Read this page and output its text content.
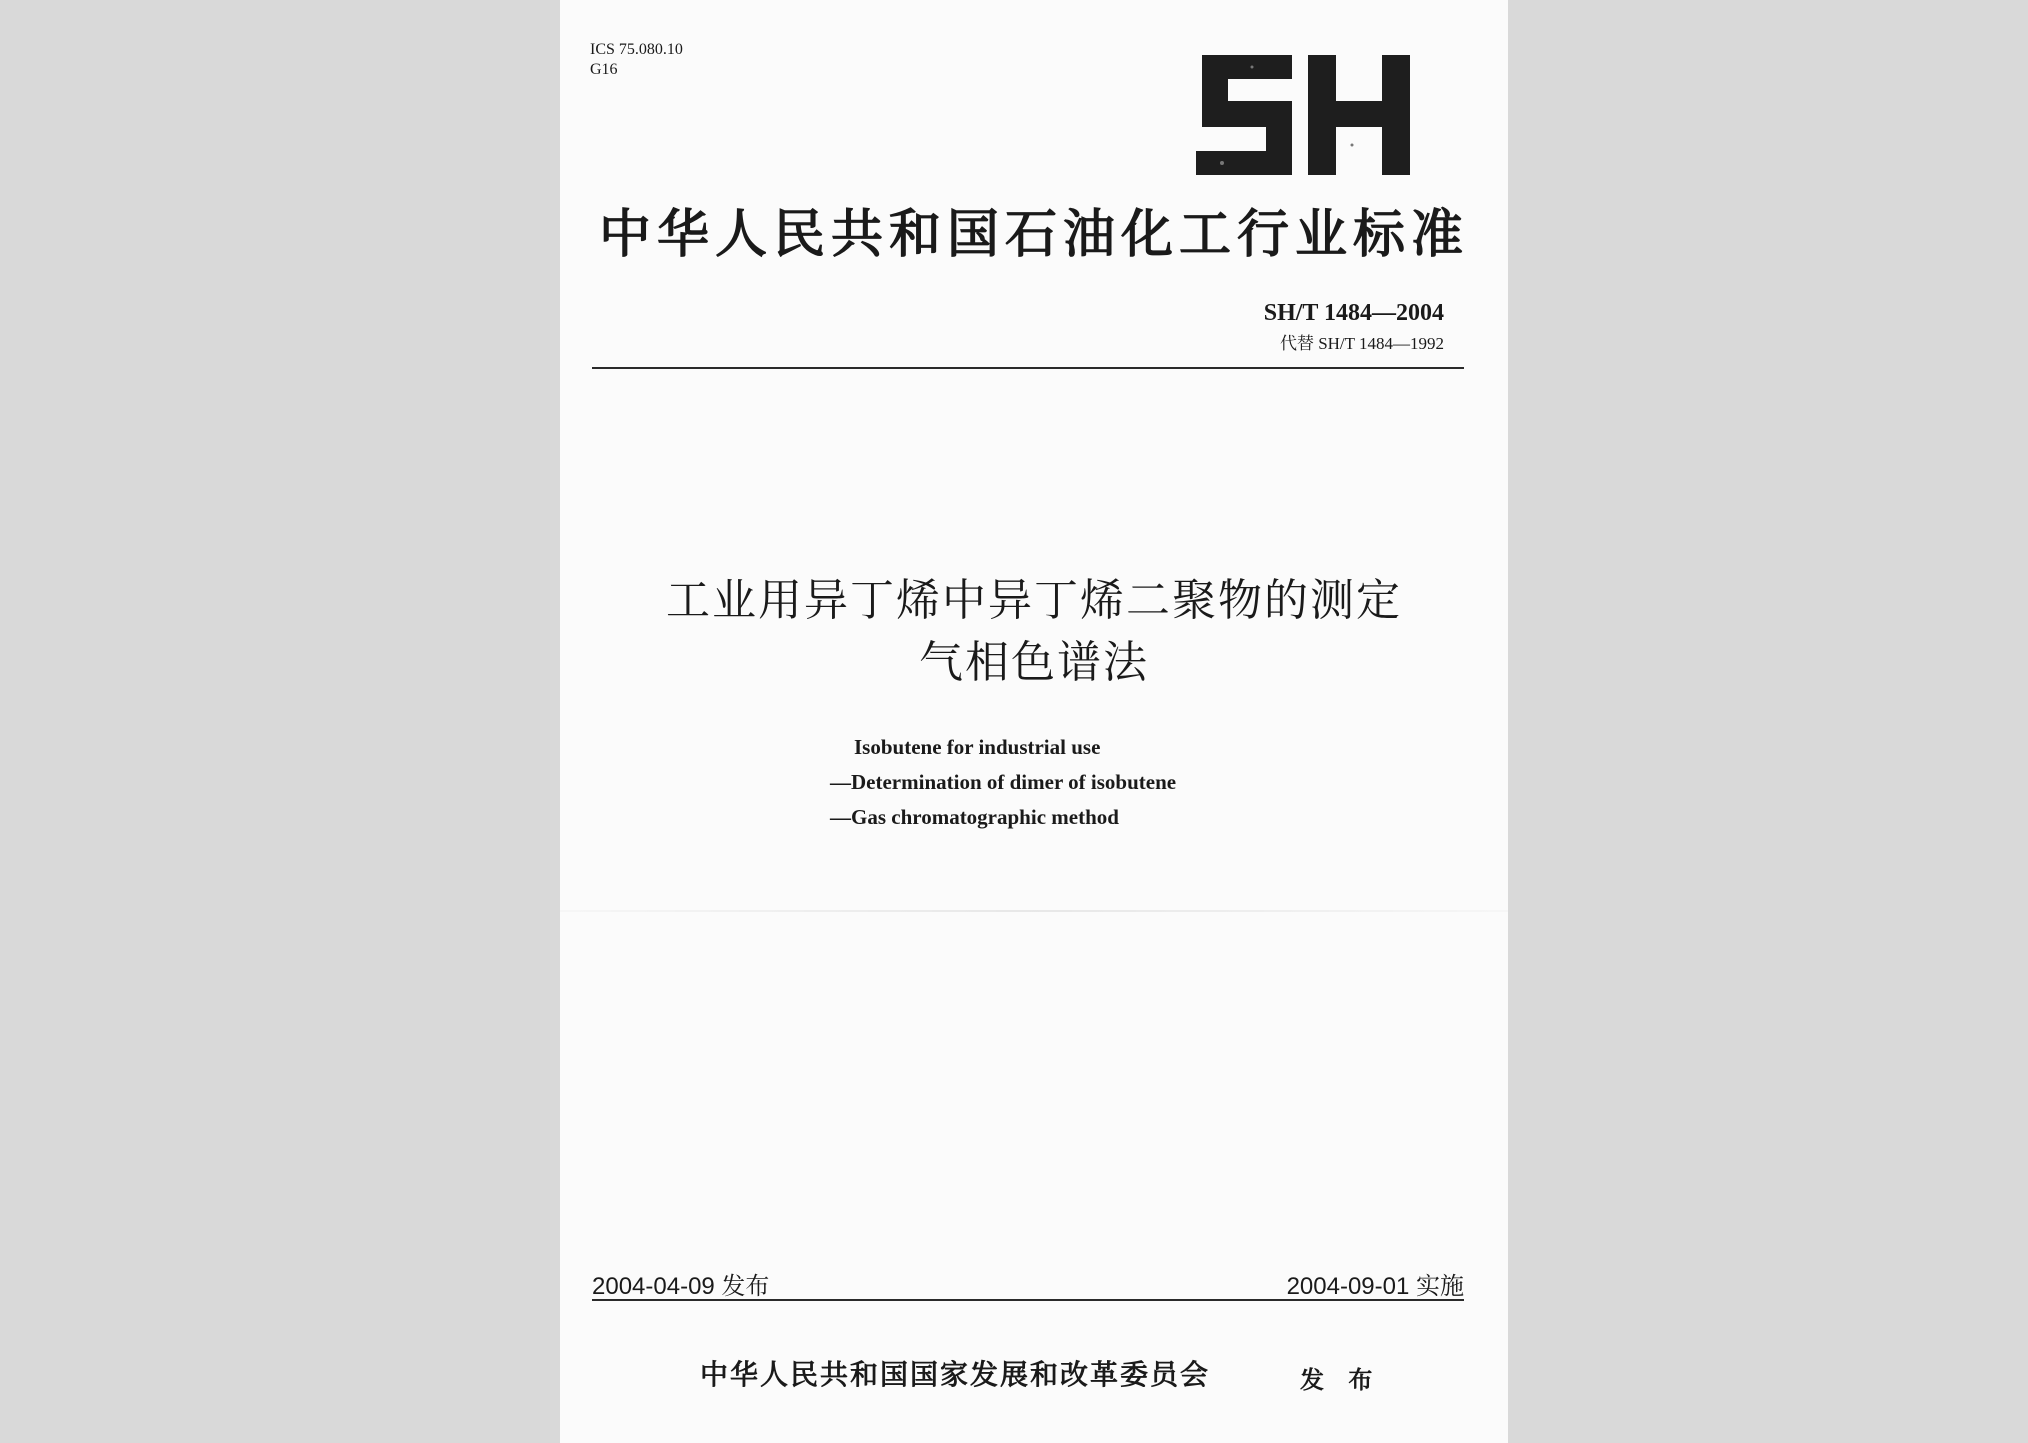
ICS 75.080.10
G16
中华人民共和国石油化工行业标准
SH/T 1484—2004
代替 SH/T 1484—1992
工业用异丁烯中异丁烯二聚物的测定
气相色谱法
Isobutene for industrial use
—Determination of dimer of isobutene
—Gas chromatographic method
2004-04-09 发布	2004-09-01 实施
中华人民共和国国家发展和改革委员会	发 布
